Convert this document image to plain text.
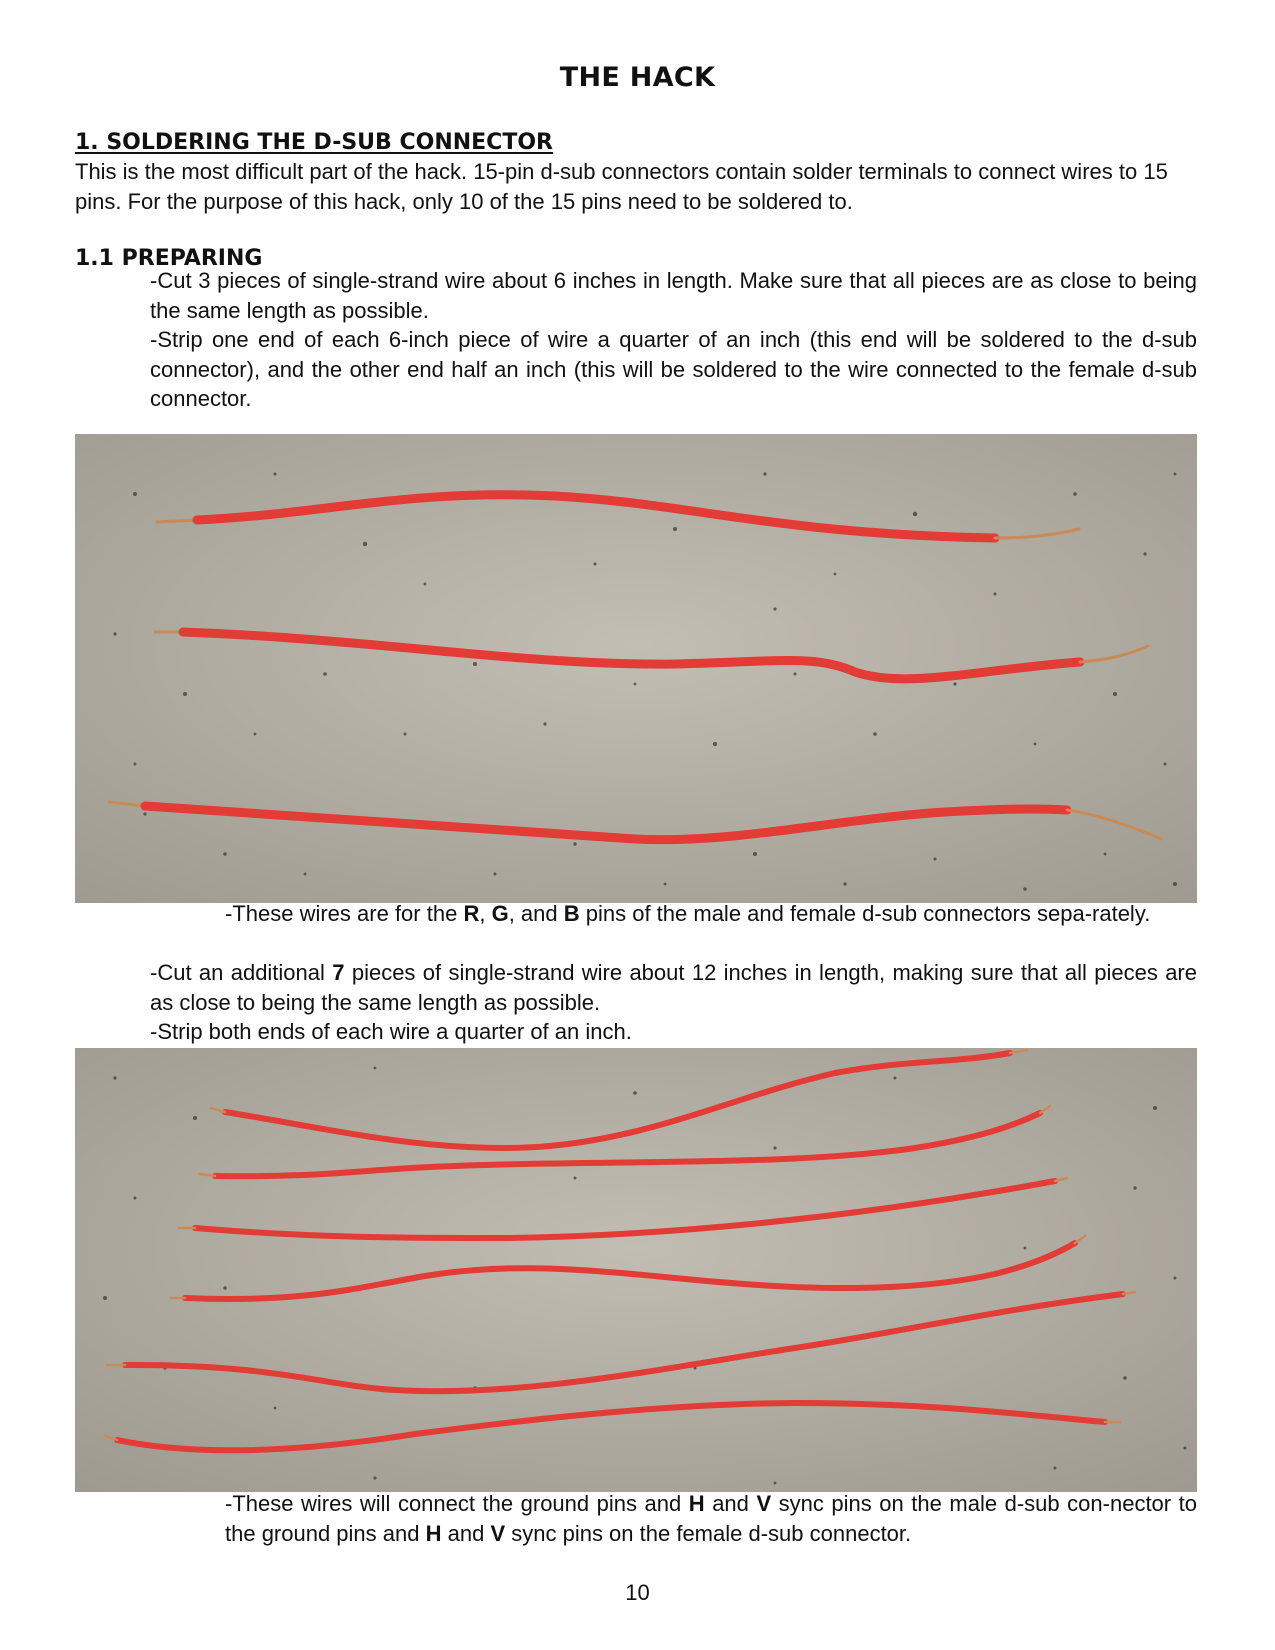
THE HACK
1. SOLDERING THE D-SUB CONNECTOR
This is the most difficult part of the hack. 15-pin d-sub connectors contain solder terminals to connect wires to 15 pins. For the purpose of this hack, only 10 of the 15 pins need to be soldered to.
1.1 PREPARING
-Cut 3 pieces of single-strand wire about 6 inches in length. Make sure that all pieces are as close to being the same length as possible.
-Strip one end of each 6-inch piece of wire a quarter of an inch (this end will be soldered to the d-sub connector), and the other end half an inch (this will be soldered to the wire connected to the female d-sub connector.
-These wires are for the R, G, and B pins of the male and female d-sub connectors sepa-rately.
-Cut an additional 7 pieces of single-strand wire about 12 inches in length, making sure that all pieces are as close to being the same length as possible.
-Strip both ends of each wire a quarter of an inch.
-These wires will connect the ground pins and H and V sync pins on the male d-sub con-nector to the ground pins and H and V sync pins on the female d-sub connector.
10
